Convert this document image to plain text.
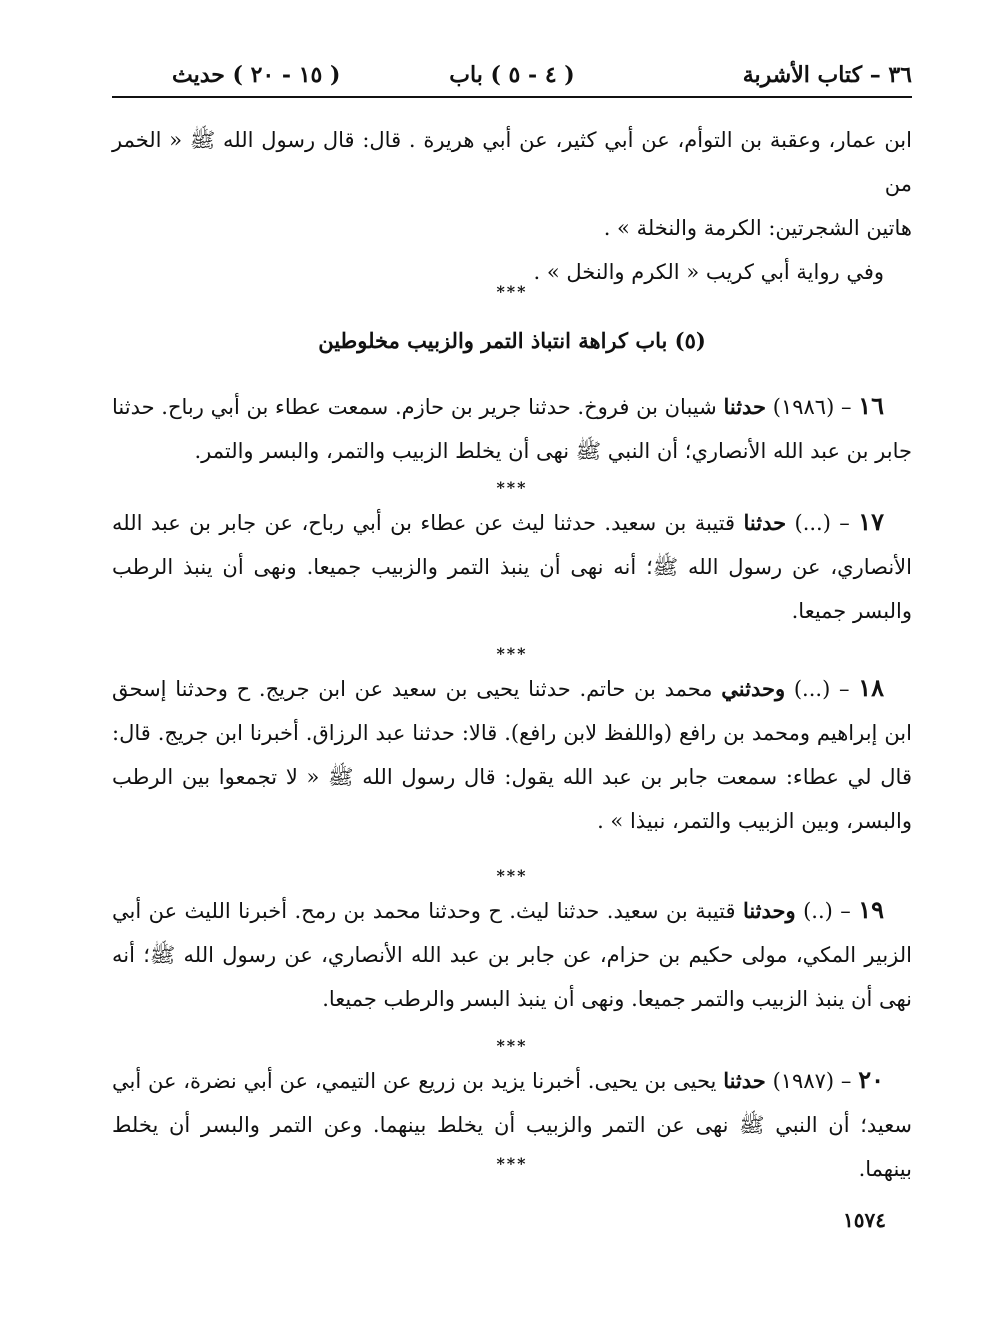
٣٦ – كتاب الأشربة
( ٤ - ٥ ) باب
( ١٥ - ٢٠ ) حديث

ابن عمار، وعقبة بن التوأم، عن أبي كثير، عن أبي هريرة . قال: قال رسول الله ﷺ « الخمر من

هاتين الشجرتين: الكرمة والنخلة » .

وفي رواية أبي كريب « الكرم والنخل » .

***
(٥) باب كراهة انتباذ التمر والزبيب مخلوطين

١٦ – (١٩٨٦) حدثنا شيبان بن فروخ. حدثنا جرير بن حازم. سمعت عطاء بن أبي رباح. حدثنا جابر بن عبد الله الأنصاري؛ أن النبي ﷺ نهى أن يخلط الزبيب والتمر، والبسر والتمر.

***

١٧ – (...) حدثنا قتيبة بن سعيد. حدثنا ليث عن عطاء بن أبي رباح، عن جابر بن عبد الله الأنصاري، عن رسول الله ﷺ؛ أنه نهى أن ينبذ التمر والزبيب جميعا. ونهى أن ينبذ الرطب والبسر جميعا.

***

١٨ – (...) وحدثني محمد بن حاتم. حدثنا يحيى بن سعيد عن ابن جريج. ح وحدثنا إسحق ابن إبراهيم ومحمد بن رافع (واللفظ لابن رافع). قالا: حدثنا عبد الرزاق. أخبرنا ابن جريج. قال: قال لي عطاء: سمعت جابر بن عبد الله يقول: قال رسول الله ﷺ « لا تجمعوا بين الرطب والبسر، وبين الزبيب والتمر، نبيذا » .

***

١٩ – (..) وحدثنا قتيبة بن سعيد. حدثنا ليث. ح وحدثنا محمد بن رمح. أخبرنا الليث عن أبي الزبير المكي، مولى حكيم بن حزام، عن جابر بن عبد الله الأنصاري، عن رسول الله ﷺ؛ أنه نهى أن ينبذ الزبيب والتمر جميعا. ونهى أن ينبذ البسر والرطب جميعا.

***

٢٠ – (١٩٨٧) حدثنا يحيى بن يحيى. أخبرنا يزيد بن زريع عن التيمي، عن أبي نضرة، عن أبي سعيد؛ أن النبي ﷺ نهى عن التمر والزبيب أن يخلط بينهما. وعن التمر والبسر أن يخلط بينهما.

***
١٥٧٤
